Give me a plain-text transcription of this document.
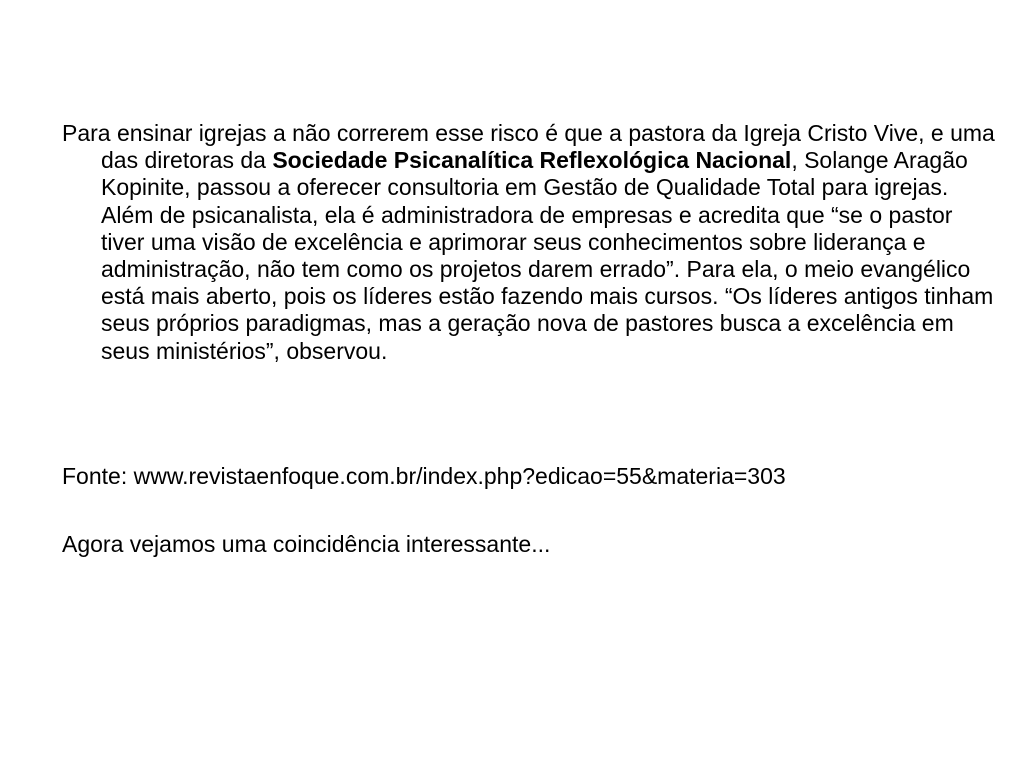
Para ensinar igrejas a não correrem esse risco é que a pastora da Igreja Cristo Vive, e uma das diretoras da Sociedade Psicanalítica Reflexológica Nacional, Solange Aragão Kopinite, passou a oferecer consultoria em Gestão de Qualidade Total para igrejas. Além de psicanalista, ela é administradora de empresas e acredita que “se o pastor tiver uma visão de excelência e aprimorar seus conhecimentos sobre liderança e administração, não tem como os projetos darem errado”. Para ela, o meio evangélico está mais aberto, pois os líderes estão fazendo mais cursos. “Os líderes antigos tinham seus próprios paradigmas, mas a geração nova de pastores busca a excelência em seus ministérios”, observou.

Fonte: www.revistaenfoque.com.br/index.php?edicao=55&materia=303

Agora vejamos uma coincidência interessante...
